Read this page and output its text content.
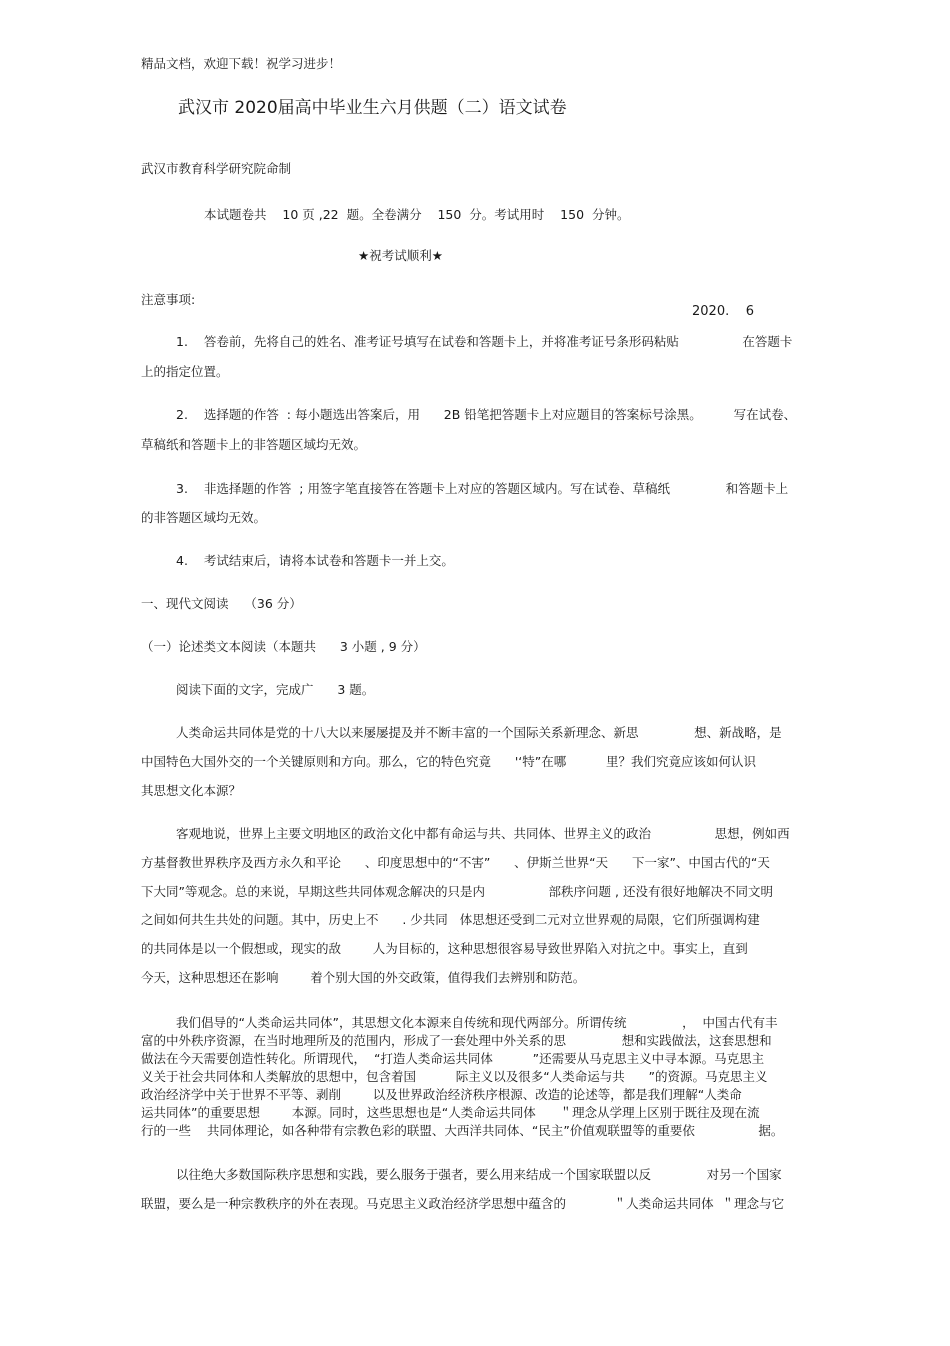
精品文档，欢迎下载！祝学习进步！
武汉市 2020届高中毕业生六月供题（二）语文试卷
武汉市教育科学研究院命制
本试题卷共    10 页 ,22  题。全卷满分    150  分。考试用时    150  分钟。
★祝考试顺利★
注意事项:
2020.    6
1.    答卷前，先将自己的姓名、准考证号填写在试卷和答题卡上，并将准考证号条形码粘贴                在答题卡
上的指定位置。
2.    选择题的作答  : 每小题选出答案后，用      2B 铅笔把答题卡上对应题目的答案标号涂黑。        写在试卷、
草稿纸和答题卡上的非答题区域均无效。
3.    非选择题的作答  ; 用签字笔直接答在答题卡上对应的答题区域内。写在试卷、草稿纸              和答题卡上
的非答题区域均无效。
4.    考试结束后，请将本试卷和答题卡一并上交。
一、现代文阅读    （36 分）
（一）论述类文本阅读（本题共      3 小题 , 9 分）
阅读下面的文字，完成广      3 题。
人类命运共同体是党的十八大以来屡屡提及并不断丰富的一个国际关系新理念、新思              想、新战略，是
中国特色大国外交的一个关键原则和方向。那么，它的特色究竟      '‘特”在哪          里？我们究竟应该如何认识
其思想文化本源？
客观地说，世界上主要文明地区的政治文化中都有命运与共、共同体、世界主义的政治                思想，例如西
方基督教世界秩序及西方永久和平论      、印度思想中的“不害”      、伊斯兰世界“天      下一家”、中国古代的“天
下大同”等观念。总的来说，早期这些共同体观念解决的只是内                部秩序问题 , 还没有很好地解决不同文明
之间如何共生共处的问题。其中，历史上不      . 少共同   体思想还受到二元对立世界观的局限，它们所强调构建
的共同体是以一个假想或，现实的敌        人为目标的，这种思想很容易导致世界陷入对抗之中。事实上，直到
今天，这种思想还在影响        着个别大国的外交政策，值得我们去辨别和防范。
我们倡导的“人类命运共同体”，其思想文化本源来自传统和现代两部分。所谓传统              ，  中国古代有丰
富的中外秩序资源，在当时地理所及的范围内，形成了一套处理中外关系的思              想和实践做法，这套思想和
做法在今天需要创造性转化。所谓现代，  “打造人类命运共同体          ”还需要从马克思主义中寻本源。马克思主
义关于社会共同体和人类解放的思想中，包含着国          际主义以及很多“人类命运与共      ”的资源。马克思主义
政治经济学中关于世界不平等、剥削        以及世界政治经济秩序根源、改造的论述等，都是我们理解“人类命
运共同体”的重要思想        本源。同时，这些思想也是“人类命运共同体      ＂理念从学理上区别于既往及现在流
行的一些    共同体理论，如各种带有宗教色彩的联盟、大西洋共同体、“民主”价值观联盟等的重要依                据。
以往绝大多数国际秩序思想和实践，要么服务于强者，要么用来结成一个国家联盟以反              对另一个国家
联盟，要么是一种宗教秩序的外在表现。马克思主义政治经济学思想中蕴含的            ＂人类命运共同体  ＂理念与它
